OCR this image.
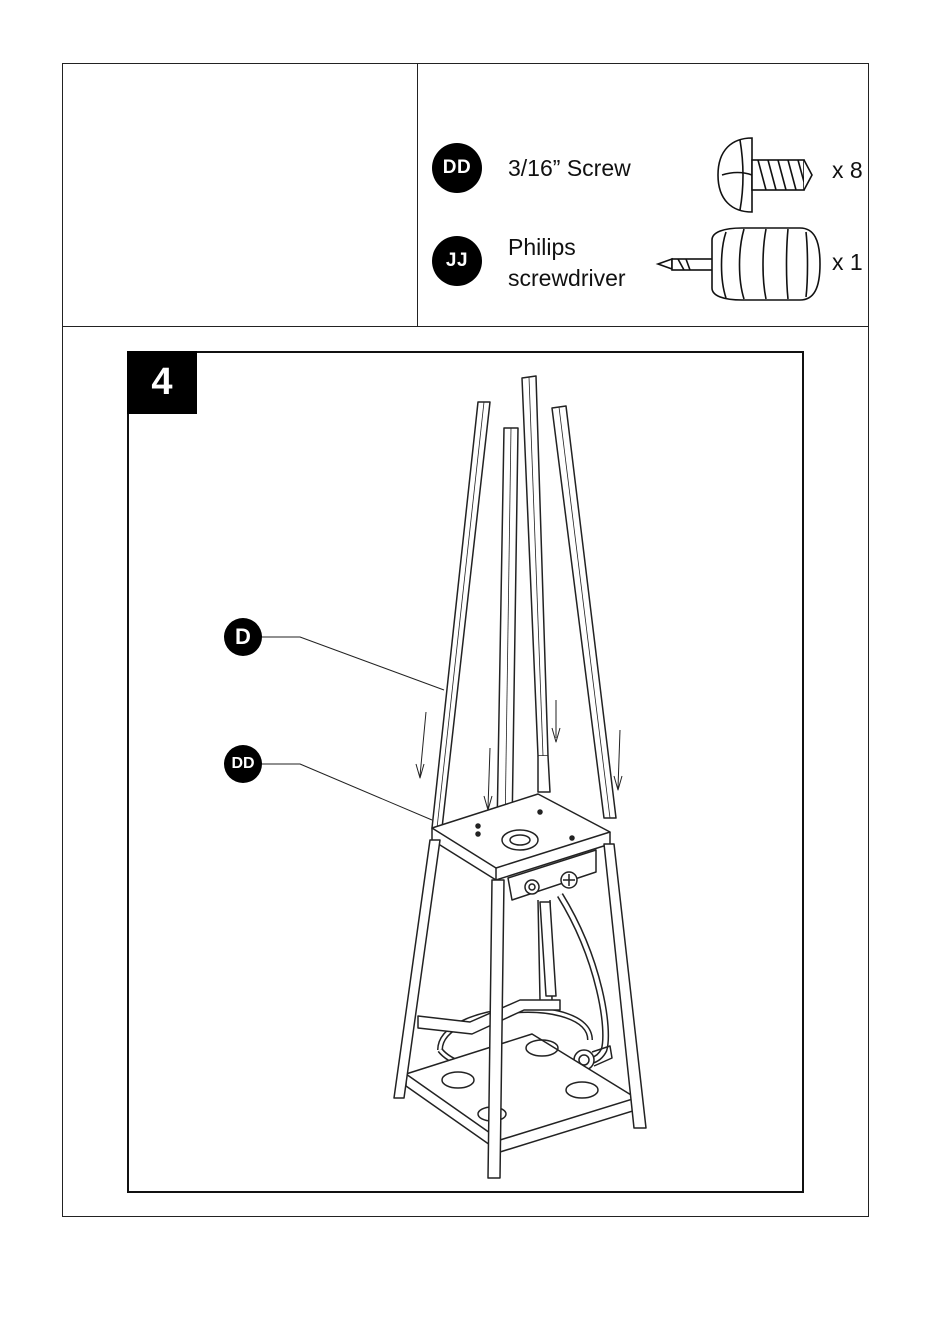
DD	3/16” Screw	x 8
JJ
Philips
screwdriver
x 1
4
D
DD
